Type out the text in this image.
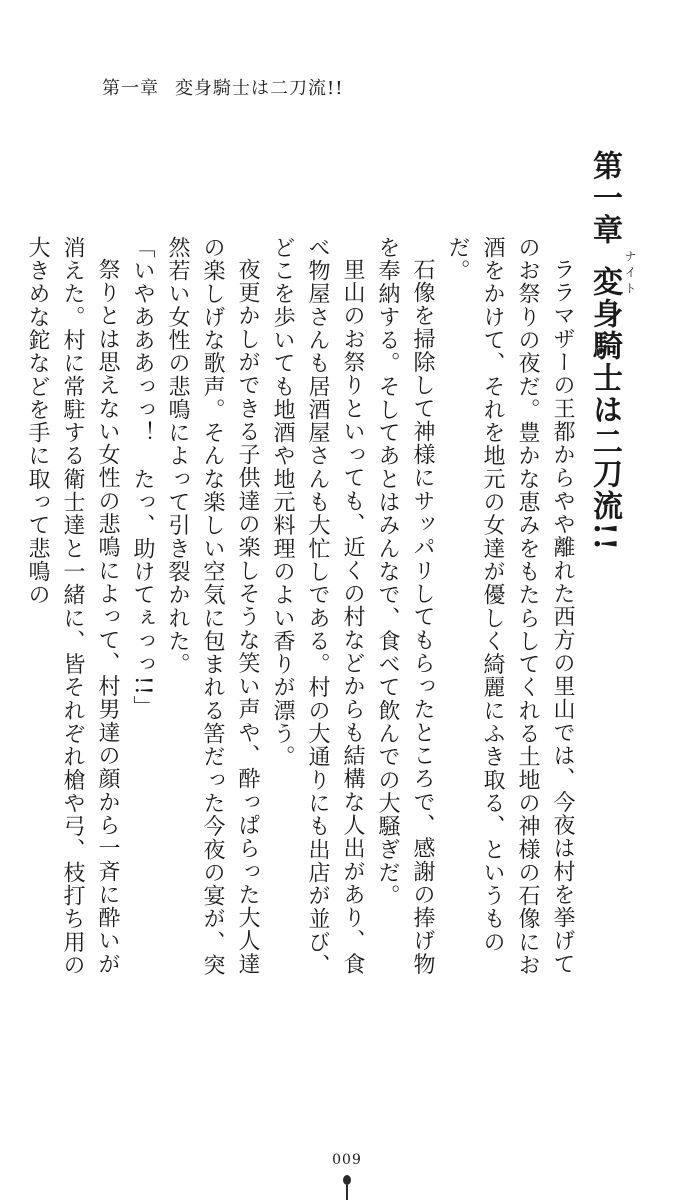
第一章 変身騎士は二刀流!!
第一章変身騎士は二刀流!! ナイト

ララマザーの王都からやや離れた西方の里山では、今夜は村を挙げてのお祭りの夜だ。豊かな恵みをもたらしてくれる土地の神様の石像にお酒をかけて、それを地元の女達が優しく綺麗にふき取る、というものだ。

石像を掃除して神様にサッパリしてもらったところで、感謝の捧げ物を奉納する。そしてあとはみんなで、食べて飲んでの大騒ぎだ。

里山のお祭りといっても、近くの村などからも結構な人出があり、食べ物屋さんも居酒屋さんも大忙しである。村の大通りにも出店が並び、どこを歩いても地酒や地元料理のよい香りが漂う。

夜更かしができる子供達の楽しそうな笑い声や、酔っぱらった大人達の楽しげな歌声。そんな楽しい空気に包まれる筈だった今夜の宴が、突然若い女性の悲鳴によって引き裂かれた。

「いやあああっっ！　たっ、助けてぇっっ!!」

祭りとは思えない女性の悲鳴によって、村男達の顔から一斉に酔いが消えた。村に常駐する衛士達と一緒に、皆それぞれ槍や弓、枝打ち用の大きめな鉈などを手に取って悲鳴の

009
